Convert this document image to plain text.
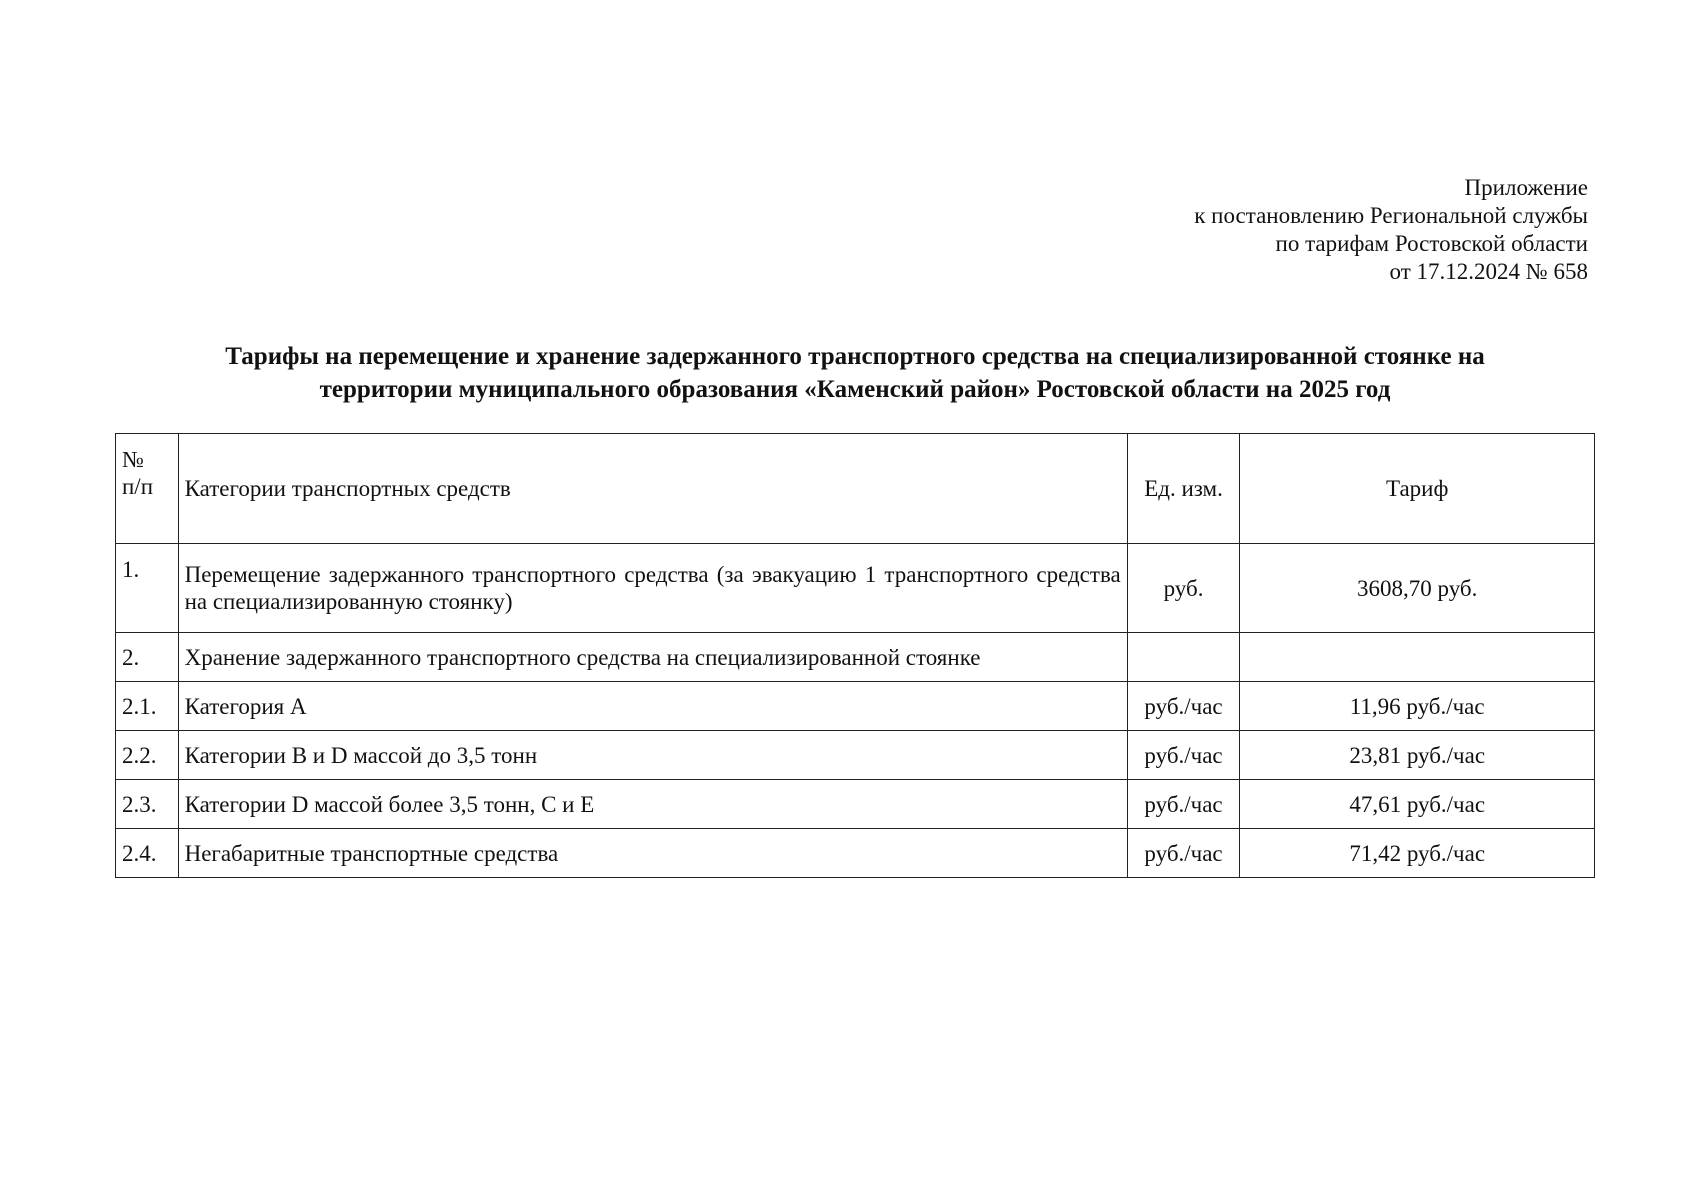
Приложение
к постановлению Региональной службы
по тарифам Ростовской области
от 17.12.2024 № 658
Тарифы на перемещение и хранение задержанного транспортного средства на специализированной стоянке на
территории муниципального образования «Каменский район» Ростовской области на 2025 год
№
п/п	Категории транспортных средств	Ед. изм.	Тариф
1.	Перемещение задержанного транспортного средства (за эвакуацию 1 транспортного средства на специализированную стоянку)	руб.	3608,70 руб.
2.	Хранение задержанного транспортного средства на специализированной стоянке		
2.1.	Категория A	руб./час	11,96 руб./час
2.2.	Категории B и D массой до 3,5 тонн	руб./час	23,81 руб./час
2.3.	Категории D массой более 3,5 тонн, C и E	руб./час	47,61 руб./час
2.4.	Негабаритные транспортные средства	руб./час	71,42 руб./час
